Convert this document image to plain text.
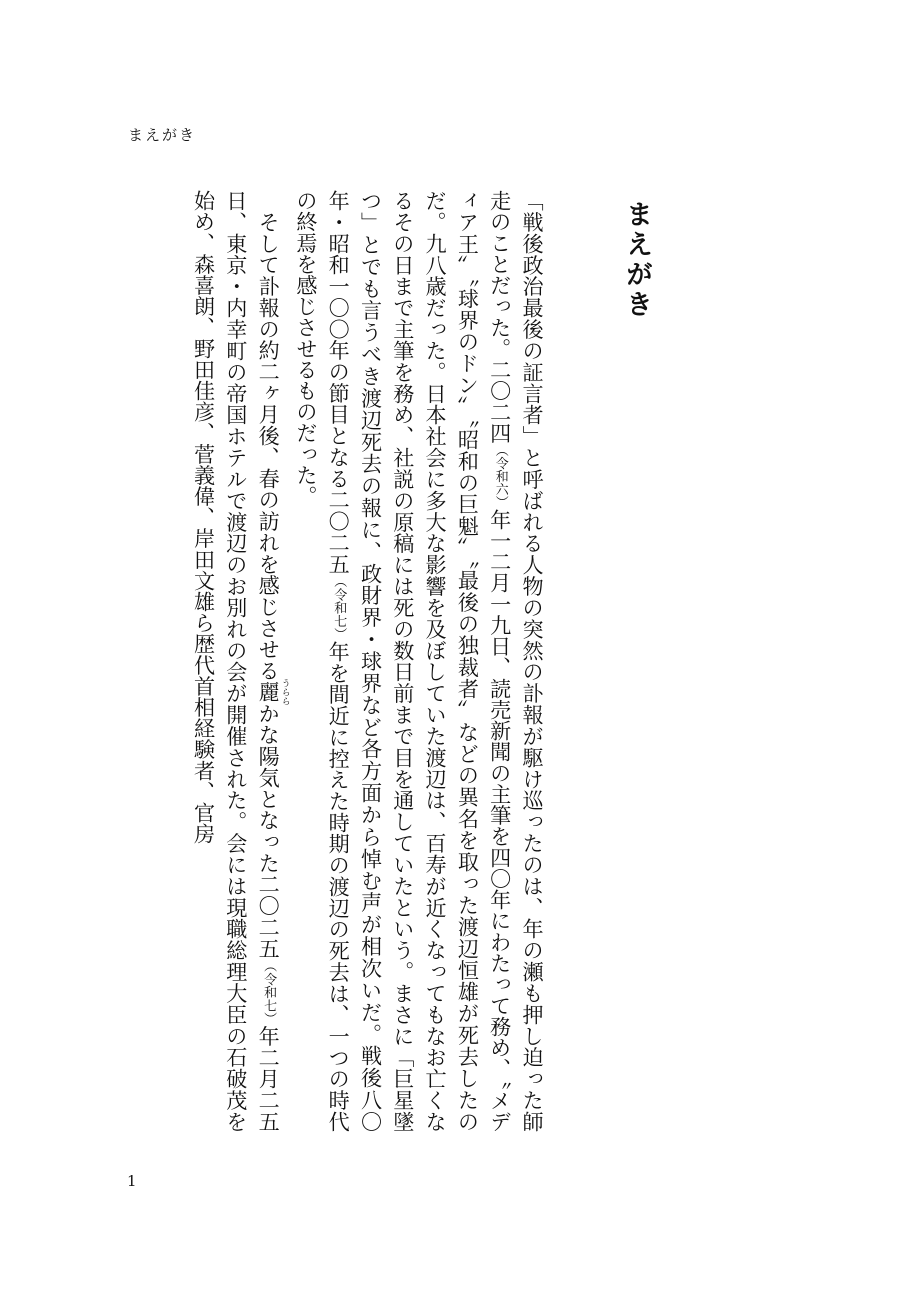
まえがき
まえがき

「戦後政治最後の証言者」と呼ばれる人物の突然の訃報が駆け巡ったのは、年の瀬も押し迫った師走のことだった。二〇二四（令和六）年一二月一九日、読売新聞の主筆を四〇年にわたって務め、〝メディア王〟〝球界のドン〟〝昭和の巨魁〟〝最後の独裁者〟などの異名を取った渡辺恒雄が死去したのだ。九八歳だった。日本社会に多大な影響を及ぼしていた渡辺は、百寿が近くなってもなお亡くなるその日まで主筆を務め、社説の原稿には死の数日前まで目を通していたという。まさに「巨星墜つ」とでも言うべき渡辺死去の報に、政財界・球界など各方面から悼む声が相次いだ。戦後八〇年・昭和一〇〇年の節目となる二〇二五（令和七）年を間近に控えた時期の渡辺の死去は、一つの時代の終焉を感じさせるものだった。

　そして訃報の約二ヶ月後、春の訪れを感じさせる麗うららかな陽気となった二〇二五（令和七）年二月二五日、東京・内幸町の帝国ホテルで渡辺のお別れの会が開催された。会には現職総理大臣の石破茂を始め、森喜朗、野田佳彦、菅義偉、岸田文雄ら歴代首相経験者、官房

1
